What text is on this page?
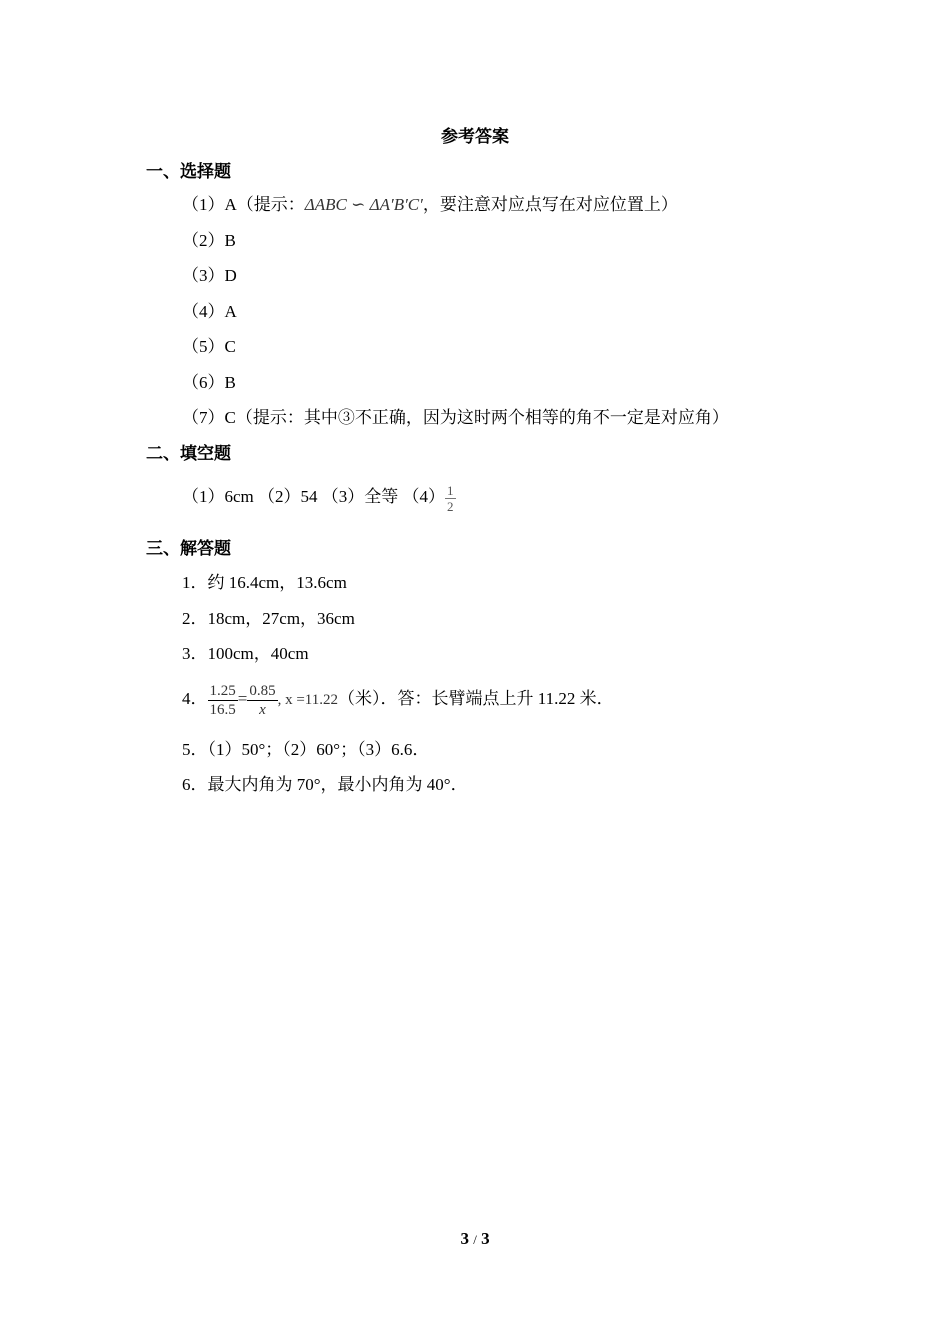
参考答案
一、选择题
（1）A（提示：ΔABC ∽ ΔA′B′C′，要注意对应点写在对应位置上）
（2）B
（3）D
（4）A
（5）C
（6）B
（7）C（提示：其中③不正确，因为这时两个相等的角不一定是对应角）
二、填空题
（1）6cm （2）54 （3）全等 $(4) \frac{1}{2}$
三、解答题
1．约 16.4cm，13.6cm
2．18cm，27cm，36cm
3．100cm，40cm
4． $\frac{1.25}{16.5} = \frac{0.85}{x}$ , x =11.22（米）．答：长臂端点上升 11.22 米．
5．（1）50°；（2）60°；（3）6.6．
6．最大内角为 70°，最小内角为 40°．
3 / 3
